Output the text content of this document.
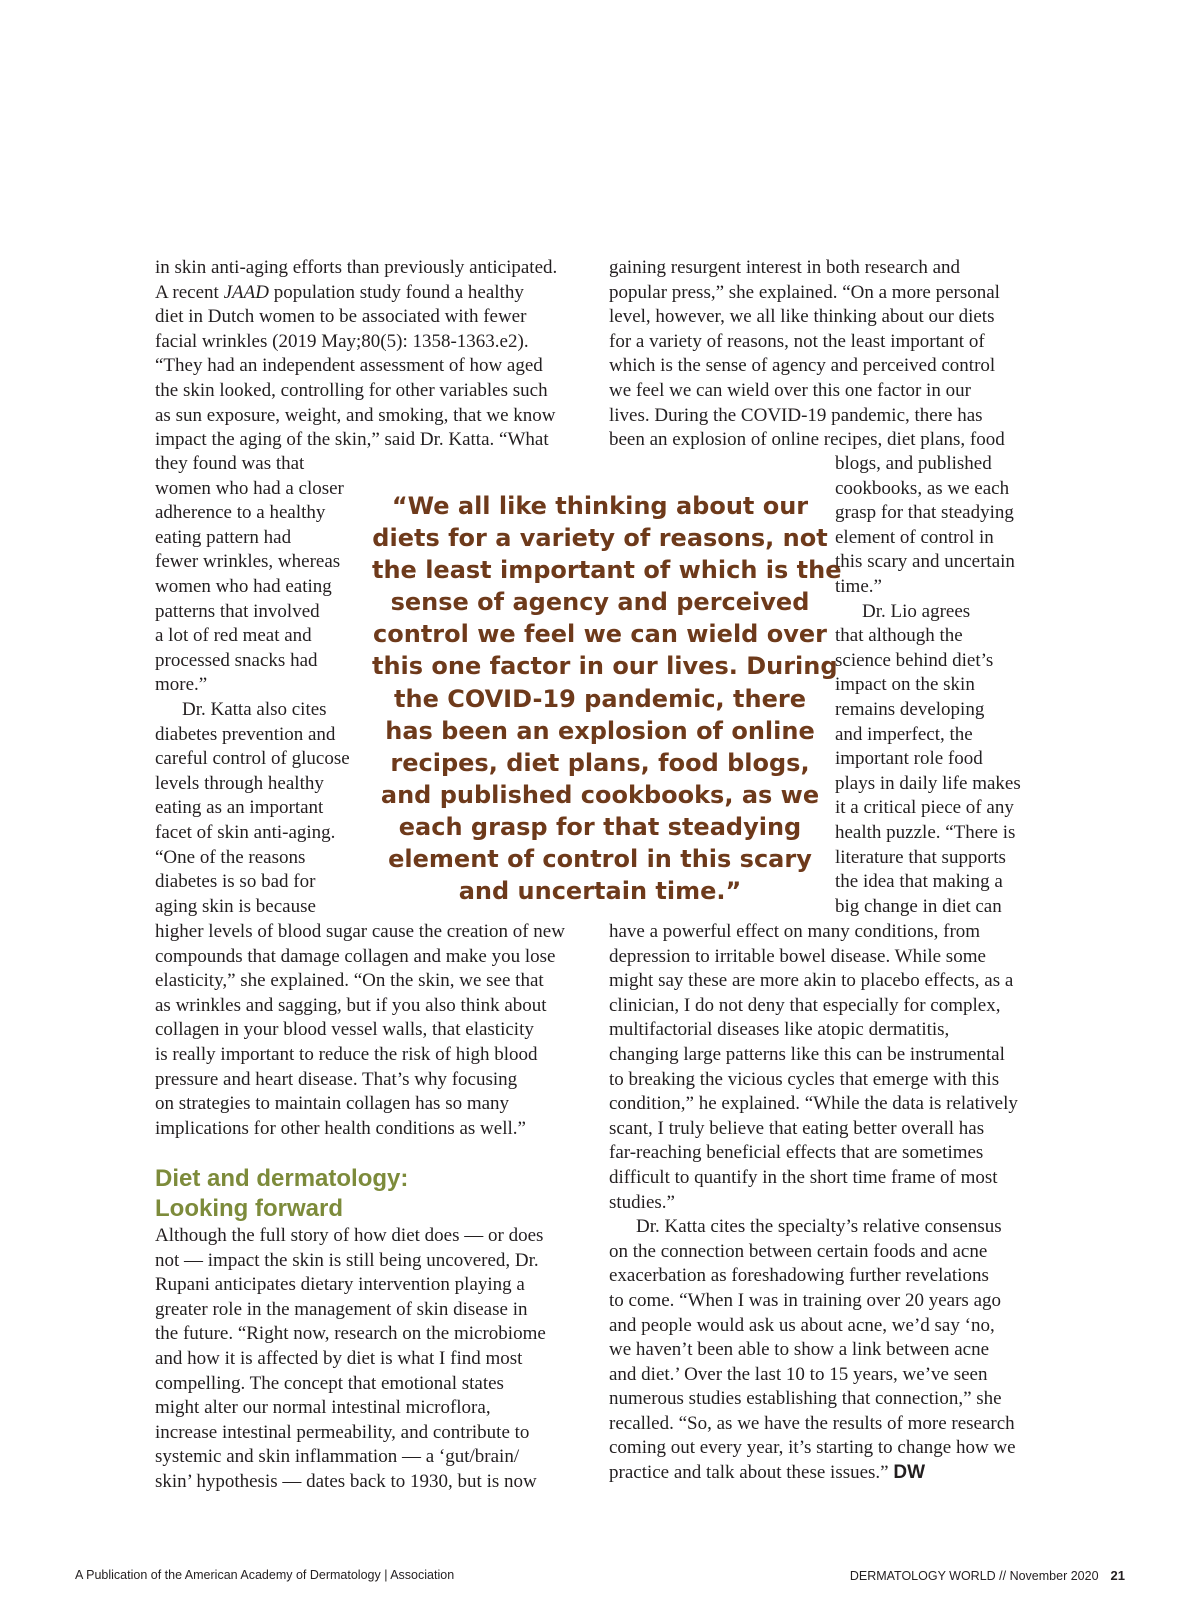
in skin anti-aging efforts than previously anticipated.
A recent JAAD population study found a healthy
diet in Dutch women to be associated with fewer
facial wrinkles (2019 May;80(5): 1358-1363.e2).
“They had an independent assessment of how aged
the skin looked, controlling for other variables such
as sun exposure, weight, and smoking, that we know
impact the aging of the skin,” said Dr. Katta. “What
they found was that
women who had a closer
adherence to a healthy
eating pattern had
fewer wrinkles, whereas
women who had eating
patterns that involved
a lot of red meat and
processed snacks had
more.”
Dr. Katta also cites
diabetes prevention and
careful control of glucose
levels through healthy
eating as an important
facet of skin anti-aging.
“One of the reasons
diabetes is so bad for
aging skin is because
higher levels of blood sugar cause the creation of new
compounds that damage collagen and make you lose
elasticity,” she explained. “On the skin, we see that
as wrinkles and sagging, but if you also think about
collagen in your blood vessel walls, that elasticity
is really important to reduce the risk of high blood
pressure and heart disease. That’s why focusing
on strategies to maintain collagen has so many
implications for other health conditions as well.”
Diet and dermatology:
Looking forward
Although the full story of how diet does — or does
not — impact the skin is still being uncovered, Dr.
Rupani anticipates dietary intervention playing a
greater role in the management of skin disease in
the future. “Right now, research on the microbiome
and how it is affected by diet is what I find most
compelling. The concept that emotional states
might alter our normal intestinal microflora,
increase intestinal permeability, and contribute to
systemic and skin inflammation — a ‘gut/brain/
skin’ hypothesis — dates back to 1930, but is now
gaining resurgent interest in both research and
popular press,” she explained. “On a more personal
level, however, we all like thinking about our diets
for a variety of reasons, not the least important of
which is the sense of agency and perceived control
we feel we can wield over this one factor in our
lives. During the COVID-19 pandemic, there has
been an explosion of online recipes, diet plans, food
blogs, and published
cookbooks, as we each
grasp for that steadying
element of control in
this scary and uncertain
time.”
Dr. Lio agrees
that although the
science behind diet’s
impact on the skin
remains developing
and imperfect, the
important role food
plays in daily life makes
it a critical piece of any
health puzzle. “There is
literature that supports
the idea that making a
big change in diet can
have a powerful effect on many conditions, from
depression to irritable bowel disease. While some
might say these are more akin to placebo effects, as a
clinician, I do not deny that especially for complex,
multifactorial diseases like atopic dermatitis,
changing large patterns like this can be instrumental
to breaking the vicious cycles that emerge with this
condition,” he explained. “While the data is relatively
scant, I truly believe that eating better overall has
far-reaching beneficial effects that are sometimes
difficult to quantify in the short time frame of most
studies.”
Dr. Katta cites the specialty’s relative consensus
on the connection between certain foods and acne
exacerbation as foreshadowing further revelations
to come. “When I was in training over 20 years ago
and people would ask us about acne, we’d say ‘no,
we haven’t been able to show a link between acne
and diet.’ Over the last 10 to 15 years, we’ve seen
numerous studies establishing that connection,” she
recalled. “So, as we have the results of more research
coming out every year, it’s starting to change how we
practice and talk about these issues.” DW
“We all like thinking about our
diets for a variety of reasons, not
the least important of which is the
sense of agency and perceived
control we feel we can wield over
this one factor in our lives. During
the COVID-19 pandemic, there
has been an explosion of online
recipes, diet plans, food blogs,
and published cookbooks, as we
each grasp for that steadying
element of control in this scary
and uncertain time.”
A Publication of the American Academy of Dermatology | Association	DERMATOLOGY WORLD // November 2020 21
